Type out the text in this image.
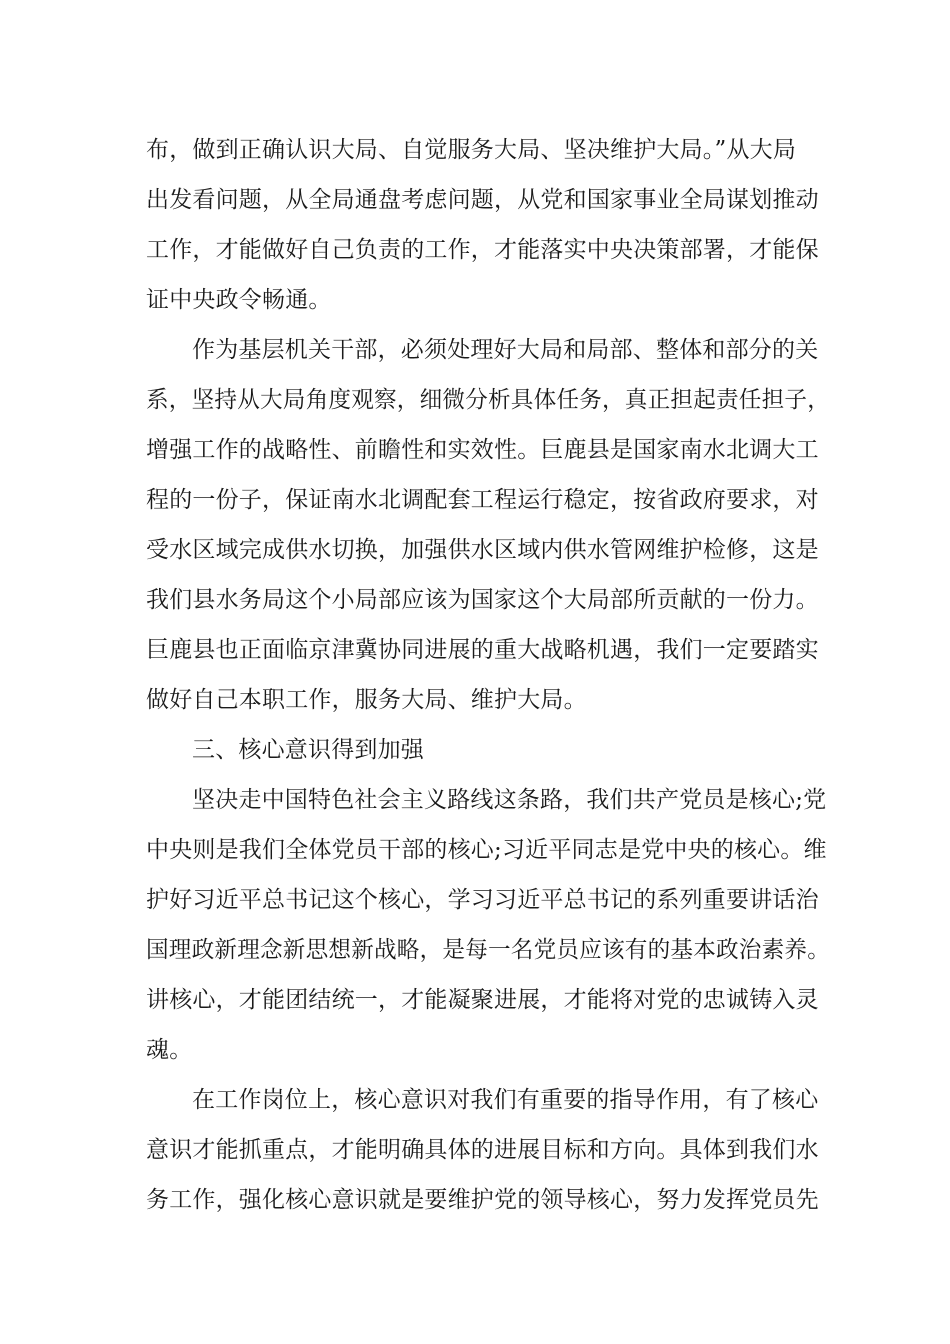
布，做到正确认识大局、自觉服务大局、坚决维护大局。”从大局
出发看问题，从全局通盘考虑问题，从党和国家事业全局谋划推动
工作，才能做好自己负责的工作，才能落实中央决策部署，才能保
证中央政令畅通。
作为基层机关干部，必须处理好大局和局部、整体和部分的关
系，坚持从大局角度观察，细微分析具体任务，真正担起责任担子，
增强工作的战略性、前瞻性和实效性。巨鹿县是国家南水北调大工
程的一份子，保证南水北调配套工程运行稳定，按省政府要求，对
受水区域完成供水切换，加强供水区域内供水管网维护检修，这是
我们县水务局这个小局部应该为国家这个大局部所贡献的一份力。
巨鹿县也正面临京津冀协同进展的重大战略机遇，我们一定要踏实
做好自己本职工作，服务大局、维护大局。
三、核心意识得到加强
坚决走中国特色社会主义路线这条路，我们共产党员是核心;党
中央则是我们全体党员干部的核心;习近平同志是党中央的核心。维
护好习近平总书记这个核心，学习习近平总书记的系列重要讲话治
国理政新理念新思想新战略，是每一名党员应该有的基本政治素养。
讲核心，才能团结统一，才能凝聚进展，才能将对党的忠诚铸入灵
魂。
在工作岗位上，核心意识对我们有重要的指导作用，有了核心
意识才能抓重点，才能明确具体的进展目标和方向。具体到我们水
务工作，强化核心意识就是要维护党的领导核心，努力发挥党员先
